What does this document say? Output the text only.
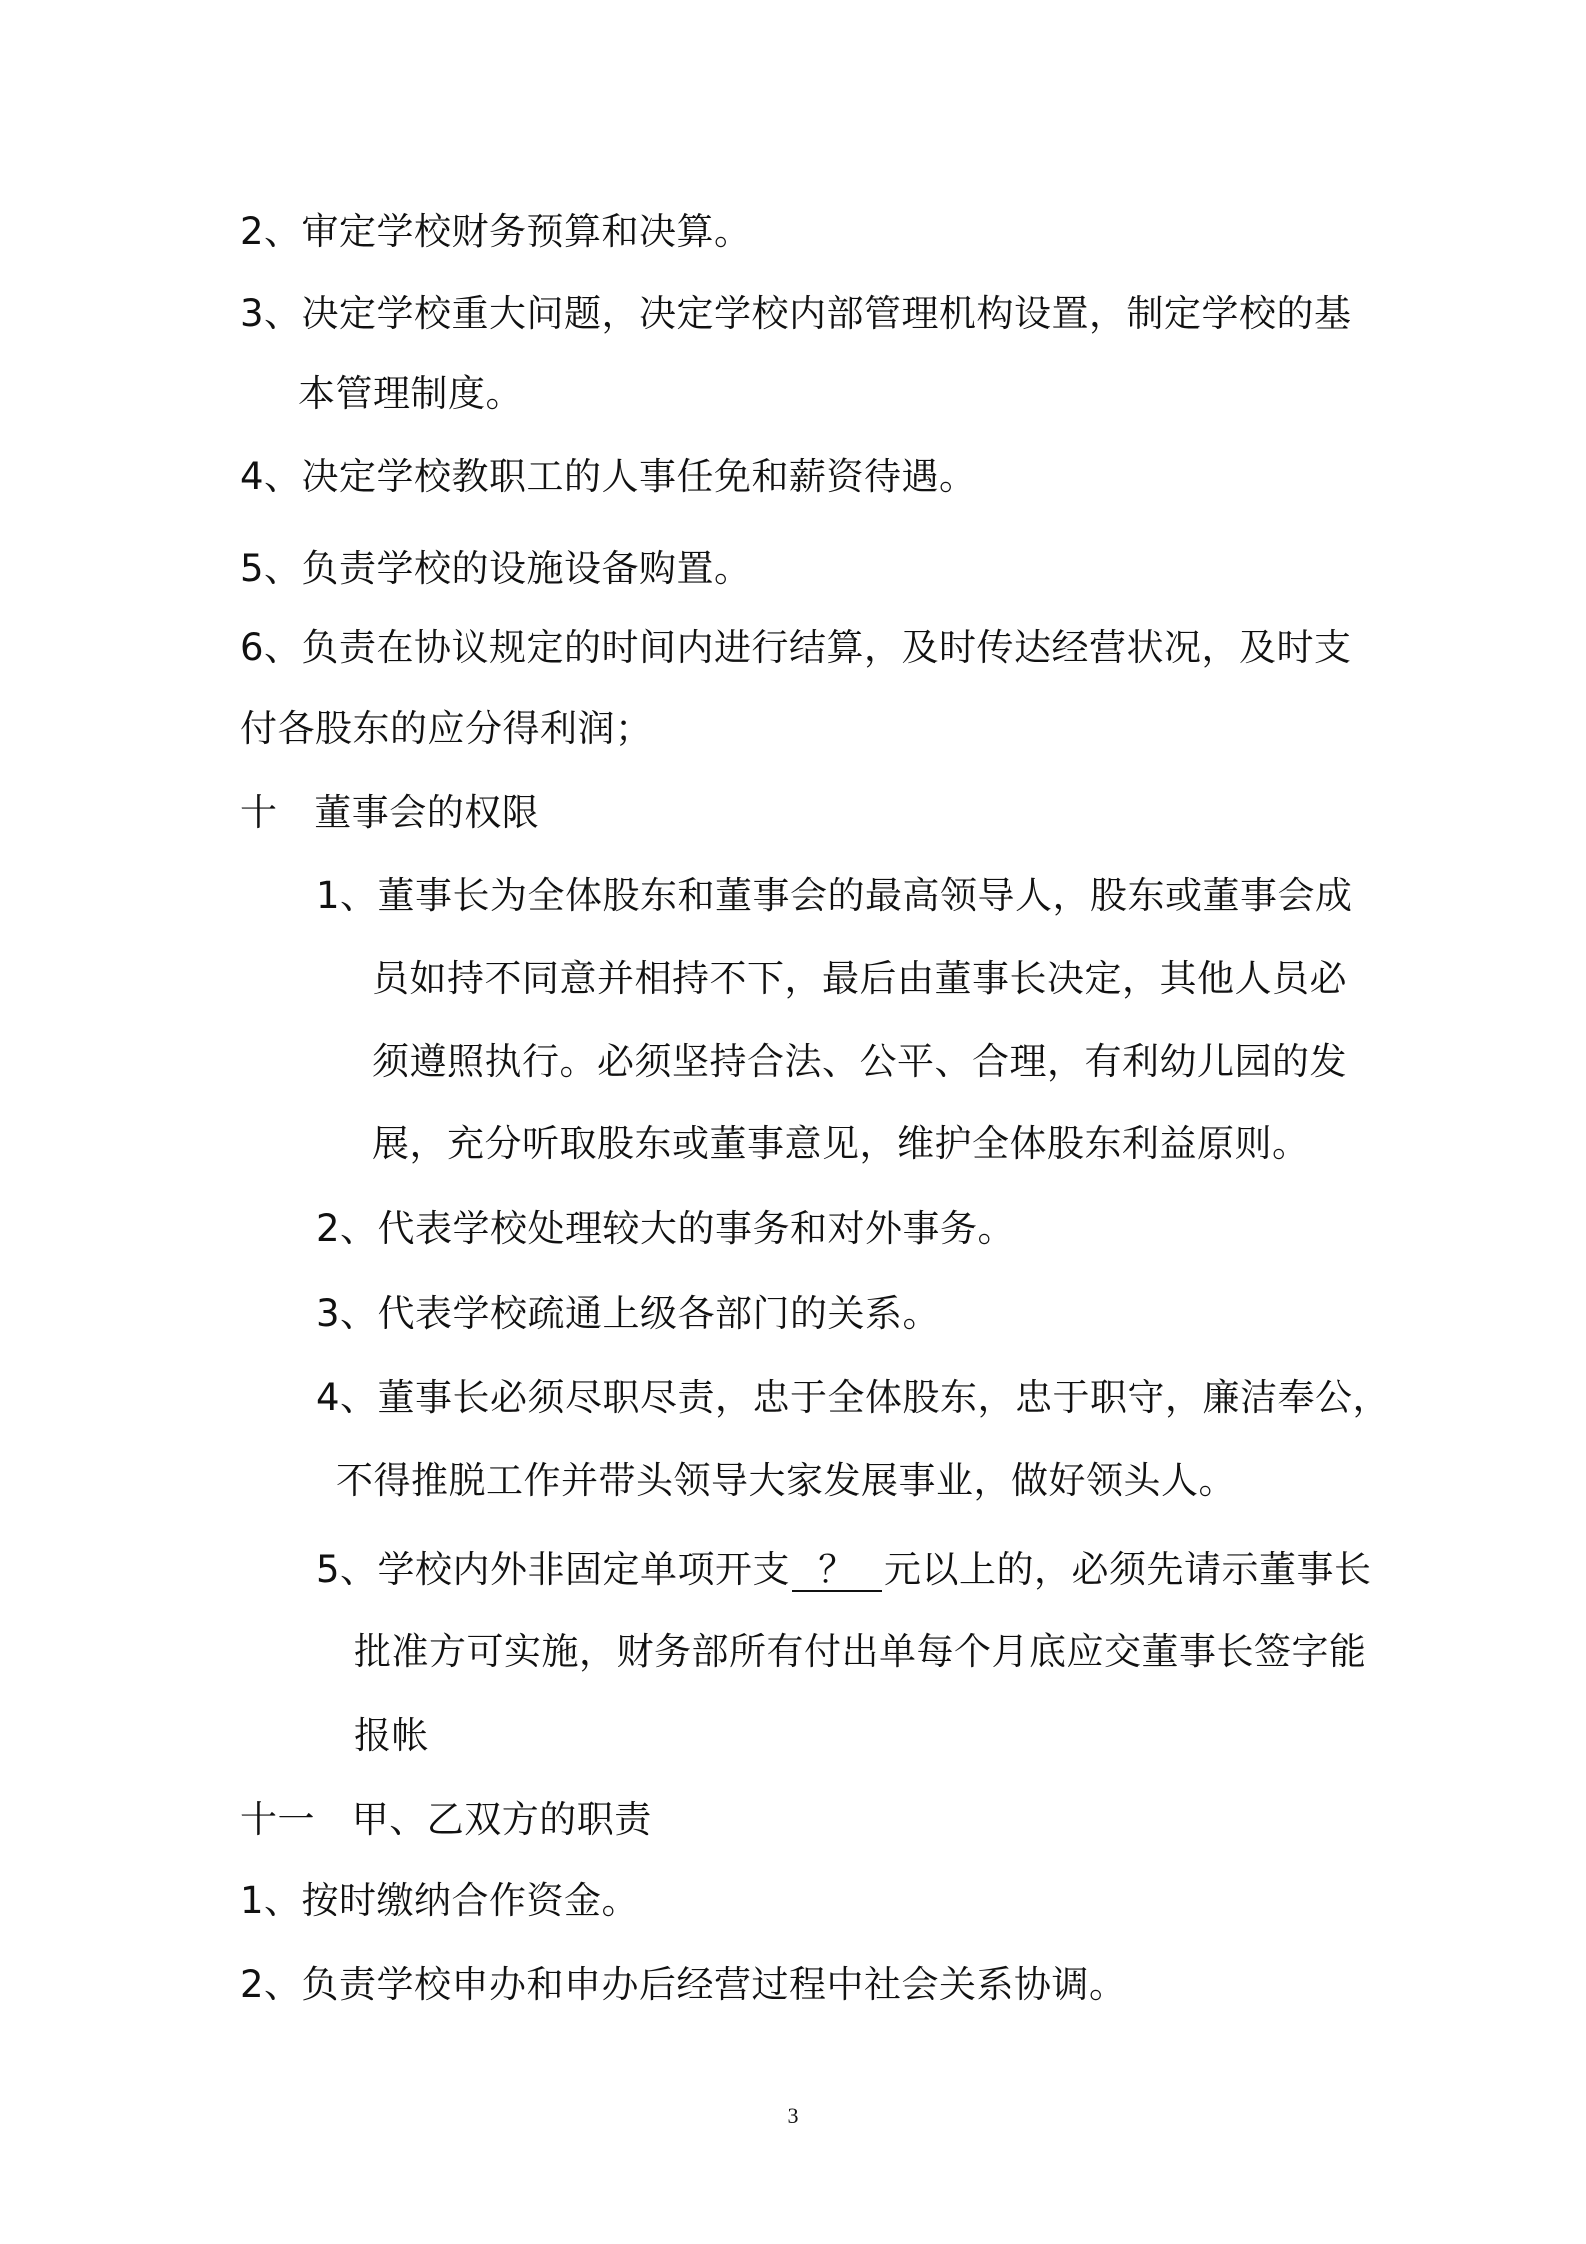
2、审定学校财务预算和决算。
3、决定学校重大问题，决定学校内部管理机构设置，制定学校的基
本管理制度。
4、决定学校教职工的人事任免和薪资待遇。
5、负责学校的设施设备购置。
6、负责在协议规定的时间内进行结算，及时传达经营状况，及时支
付各股东的应分得利润；
十   董事会的权限
1、董事长为全体股东和董事会的最高领导人，股东或董事会成
员如持不同意并相持不下，最后由董事长决定，其他人员必
须遵照执行。必须坚持合法、公平、合理，有利幼儿园的发
展，充分听取股东或董事意见，维护全体股东利益原则。
2、代表学校处理较大的事务和对外事务。
3、代表学校疏通上级各部门的关系。
4、董事长必须尽职尽责，忠于全体股东，忠于职守，廉洁奉公，
不得推脱工作并带头领导大家发展事业，做好领头人。
5、学校内外非固定单项开支 ？ 元以上的，必须先请示董事长
批准方可实施，财务部所有付出单每个月底应交董事长签字能
报帐
十一   甲、乙双方的职责
1、按时缴纳合作资金。
2、负责学校申办和申办后经营过程中社会关系协调。
3
